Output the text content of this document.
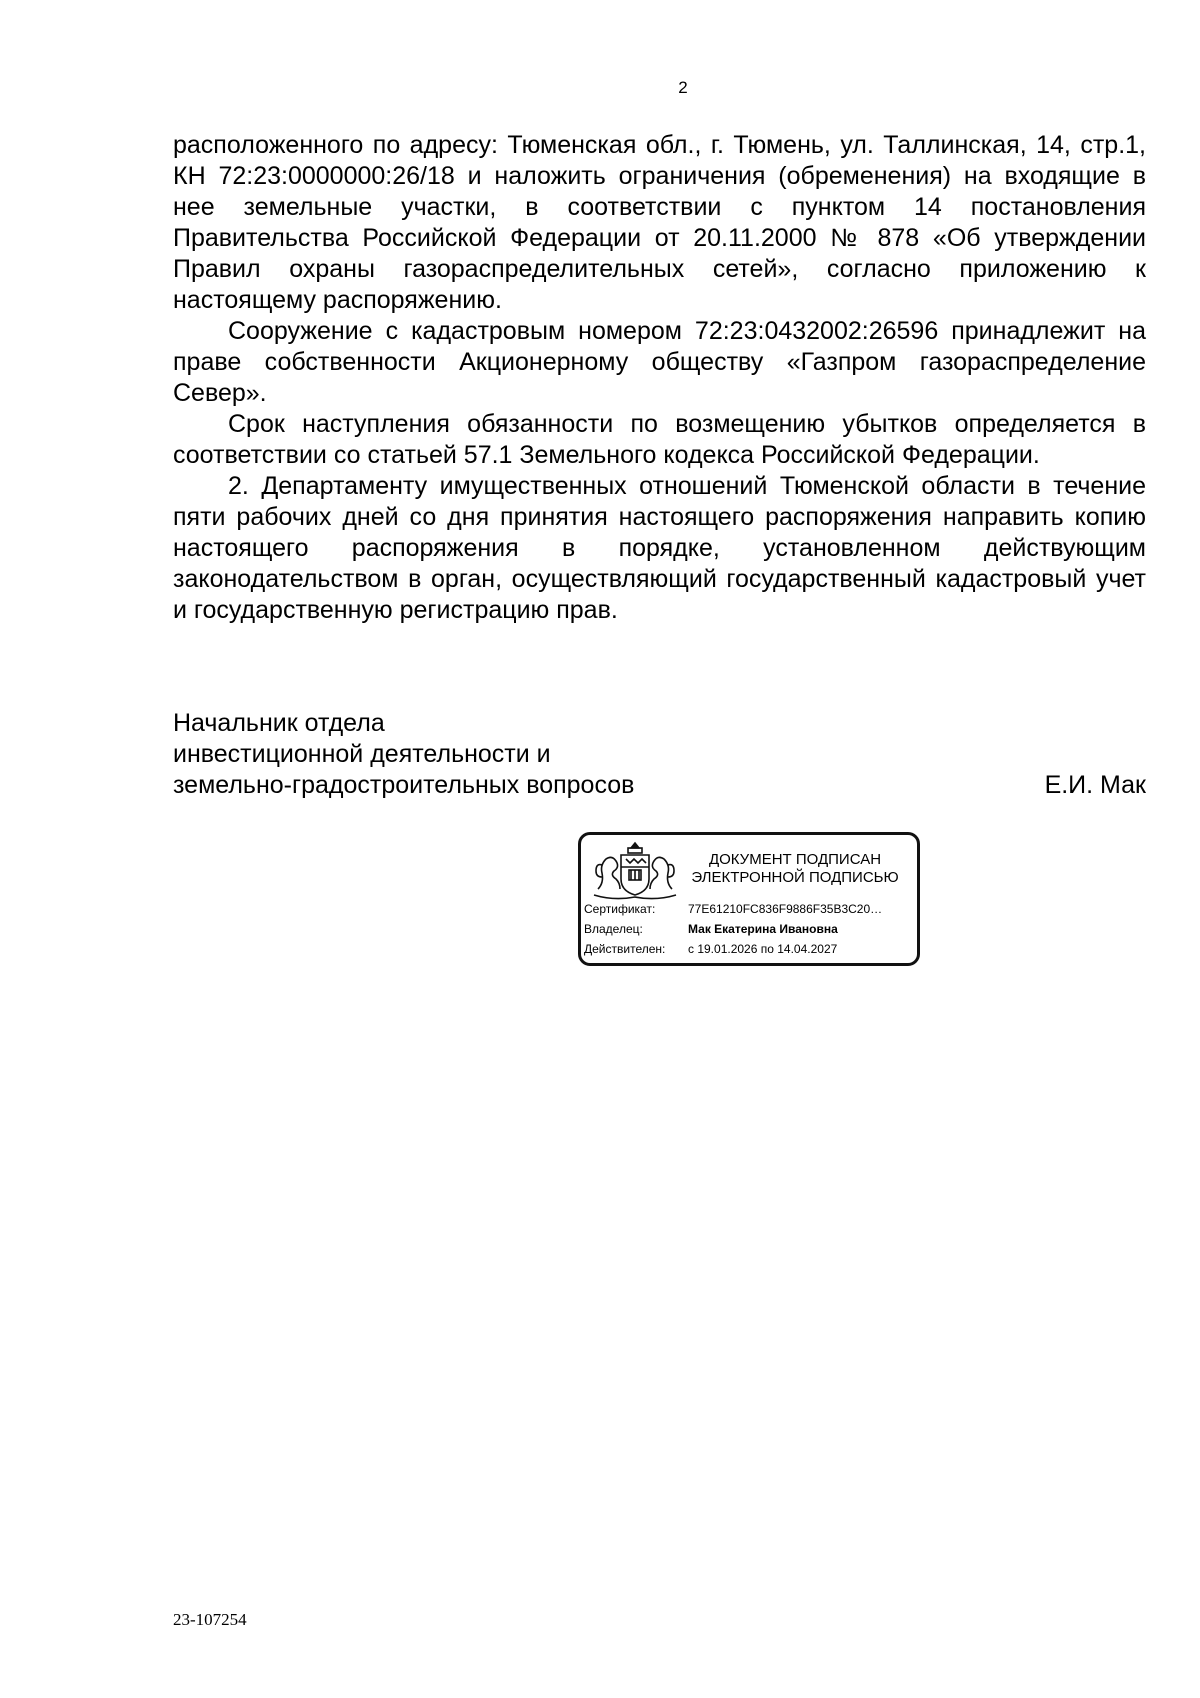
2

расположенного по адресу: Тюменская обл., г. Тюмень, ул. Таллинская, 14, стр.1, КН 72:23:0000000:26/18 и наложить ограничения (обременения) на входящие в нее земельные участки, в соответствии с пунктом 14 постановления Правительства Российской Федерации от 20.11.2000 № 878 «Об утверждении Правил охраны газораспределительных сетей», согласно приложению к настоящему распоряжению.

Сооружение с кадастровым номером 72:23:0432002:26596 принадлежит на праве собственности Акционерному обществу «Газпром газораспределение Север».

Срок наступления обязанности по возмещению убытков определяется в соответствии со статьей 57.1 Земельного кодекса Российской Федерации.

2. Департаменту имущественных отношений Тюменской области в течение пяти рабочих дней со дня принятия настоящего распоряжения направить копию настоящего распоряжения в порядке, установленном действующим законодательством в орган, осуществляющий государственный кадастровый учет и государственную регистрацию прав.

Начальник отдела
инвестиционной деятельности и
земельно-градостроительных вопросов	Е.И. Мак
ДОКУМЕНТ ПОДПИСАН
ЭЛЕКТРОННОЙ ПОДПИСЬЮ
Сертификат:	77E61210FC836F9886F35B3C20…
Владелец:	Мак Екатерина Ивановна
Действителен: с 19.01.2026 по 14.04.2027
23-107254
